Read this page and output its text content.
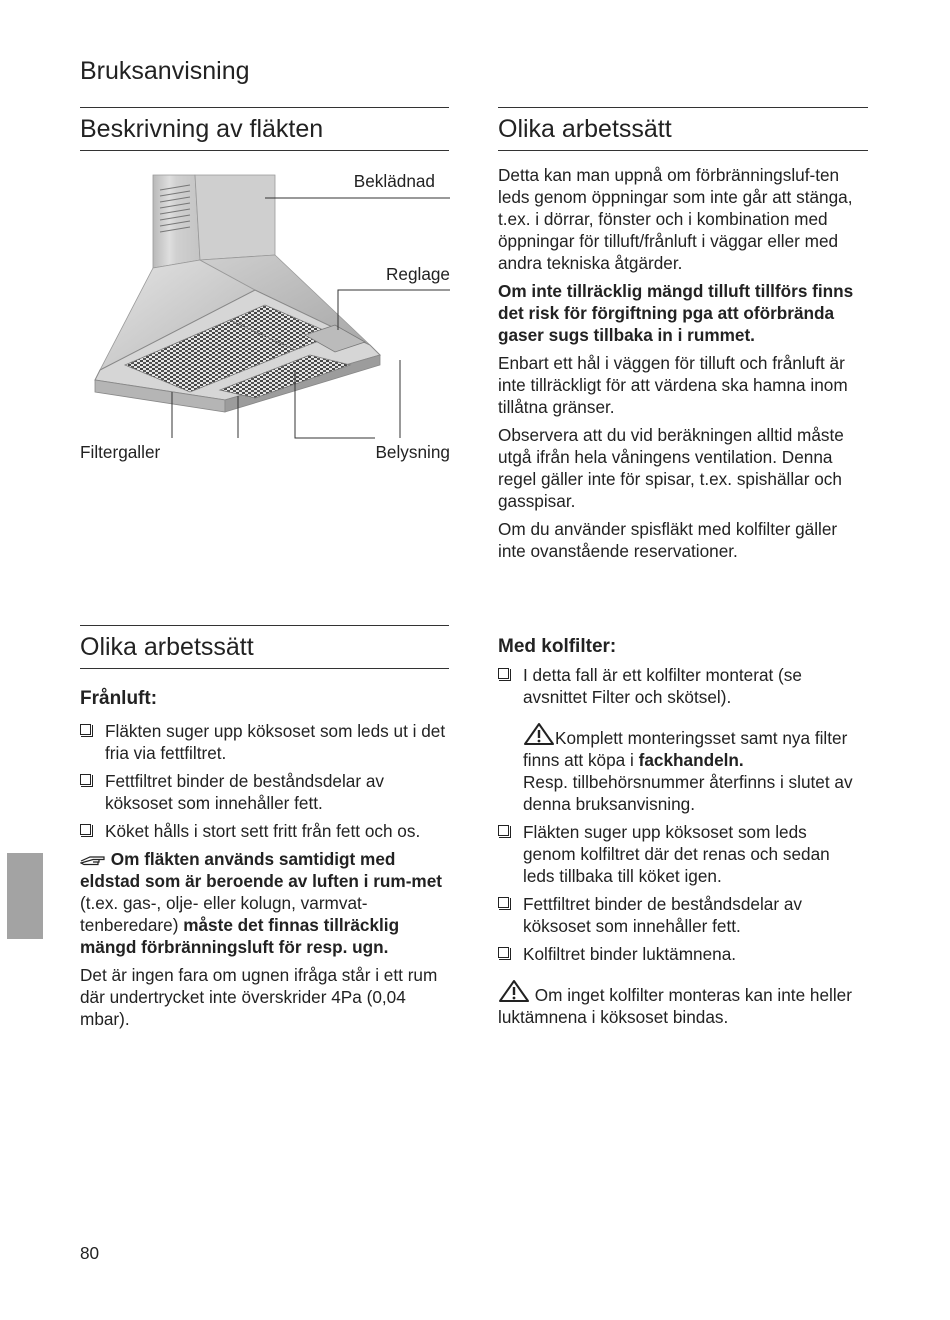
Bruksanvisning
Beskrivning av fläkten
Beklädnad
Reglage
Filtergaller	Belysning
Olika arbetssätt
Frånluft:
Fläkten suger upp köksoset som leds ut i det fria via fettfiltret.
Fettfiltret binder de beståndsdelar av köksoset som innehåller fett.
Köket hålls i stort sett fritt från fett och os.

Om fläkten används samtidigt med eldstad som är beroende av luften i rum-met (t.ex. gas-, olje- eller kolugn, varmvat-tenberedare) måste det finnas tillräcklig mängd förbränningsluft för resp. ugn.

Det är ingen fara om ugnen ifråga står i ett rum där undertrycket inte överskrider 4Pa (0,04 mbar).

Olika arbetssätt

Detta kan man uppnå om förbränningsluf-ten leds genom öppningar som inte går att stänga, t.ex. i dörrar, fönster och i kombination med öppningar för tilluft/frånluft i väggar eller med andra tekniska åtgärder.

Om inte tillräcklig mängd tilluft tillförs finns det risk för förgiftning pga att oförbrända gaser sugs tillbaka in i rummet.

Enbart ett hål i väggen för tilluft och frånluft är inte tillräckligt för att värdena ska hamna inom tillåtna gränser.

Observera att du vid beräkningen alltid måste utgå ifrån hela våningens ventilation. Denna regel gäller inte för spisar, t.ex. spishällar och gasspisar.

Om du använder spisfläkt med kolfilter gäller inte ovanstående reservationer.

Med kolfilter:
I detta fall är ett kolfilter monterat (se avsnittet Filter och skötsel).

Komplett monteringsset samt nya filter finns att köpa i fackhandeln.
Resp. tillbehörsnummer återfinns i slutet av denna bruksanvisning.

Fläkten suger upp köksoset som leds genom kolfiltret där det renas och sedan leds tillbaka till köket igen.
Fettfiltret binder de beståndsdelar av köksoset som innehåller fett.
Kolfiltret binder luktämnena.

Om inget kolfilter monteras kan inte heller luktämnena i köksoset bindas.

80
